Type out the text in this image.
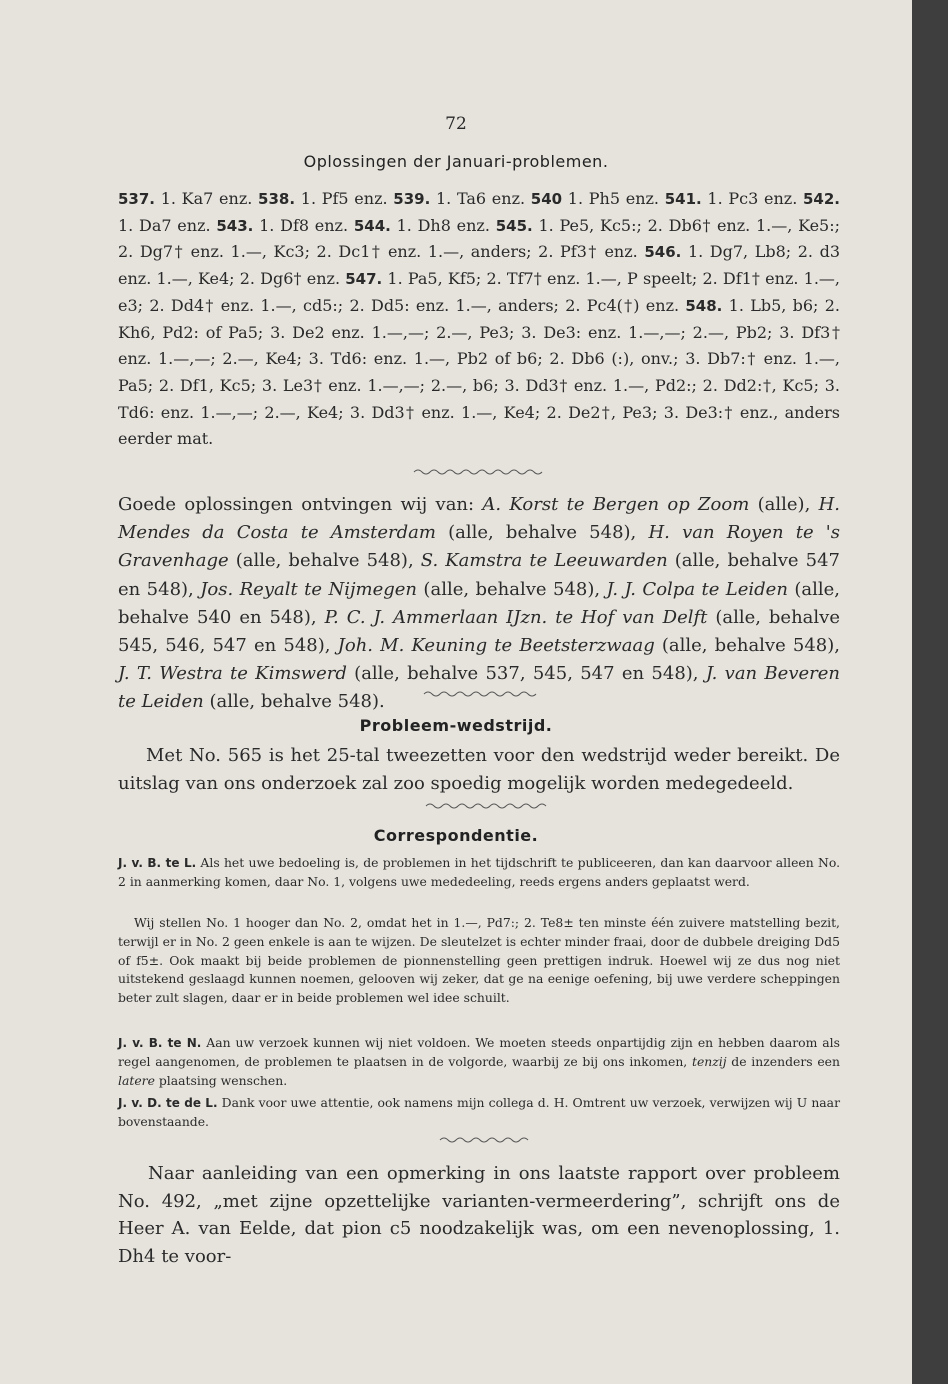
72
Oplossingen der Januari-problemen.

537. 1. Ka7 enz. 538. 1. Pf5 enz. 539. 1. Ta6 enz. 540 1. Ph5 enz. 541. 1. Pc3 enz. 542. 1. Da7 enz. 543. 1. Df8 enz. 544. 1. Dh8 enz. 545. 1. Pe5, Kc5:; 2. Db6† enz. 1.—, Ke5:; 2. Dg7† enz. 1.—, Kc3; 2. Dc1† enz. 1.—, anders; 2. Pf3† enz. 546. 1. Dg7, Lb8; 2. d3 enz. 1.—, Ke4; 2. Dg6† enz. 547. 1. Pa5, Kf5; 2. Tf7† enz. 1.—, P speelt; 2. Df1† enz. 1.—, e3; 2. Dd4† enz. 1.—, cd5:; 2. Dd5: enz. 1.—, anders; 2. Pc4(†) enz. 548. 1. Lb5, b6; 2. Kh6, Pd2: of Pa5; 3. De2 enz. 1.—,—; 2.—, Pe3; 3. De3: enz. 1.—,—; 2.—, Pb2; 3. Df3† enz. 1.—,—; 2.—, Ke4; 3. Td6: enz. 1.—, Pb2 of b6; 2. Db6 (:), onv.; 3. Db7:† enz. 1.—, Pa5; 2. Df1, Kc5; 3. Le3† enz. 1.—,—; 2.—, b6; 3. Dd3† enz. 1.—, Pd2:; 2. Dd2:†, Kc5; 3. Td6: enz. 1.—,—; 2.—, Ke4; 3. Dd3† enz. 1.—, Ke4; 2. De2†, Pe3; 3. De3:† enz., anders eerder mat.

Goede oplossingen ontvingen wij van: A. Korst te Bergen op Zoom (alle), H. Mendes da Costa te Amsterdam (alle, behalve 548), H. van Royen te 's Gravenhage (alle, behalve 548), S. Kamstra te Leeuwarden (alle, behalve 547 en 548), Jos. Reyalt te Nijmegen (alle, behalve 548), J. J. Colpa te Leiden (alle, behalve 540 en 548), P. C. J. Ammerlaan IJzn. te Hof van Delft (alle, behalve 545, 546, 547 en 548), Joh. M. Keuning te Beetsterzwaag (alle, behalve 548), J. T. Westra te Kimswerd (alle, behalve 537, 545, 547 en 548), J. van Beveren te Leiden (alle, behalve 548).

Probleem-wedstrijd.

Met No. 565 is het 25-tal tweezetten voor den wedstrijd weder bereikt. De uitslag van ons onderzoek zal zoo spoedig mogelijk worden medegedeeld.

Correspondentie.

J. v. B. te L. Als het uwe bedoeling is, de problemen in het tijdschrift te publiceeren, dan kan daarvoor alleen No. 2 in aanmerking komen, daar No. 1, volgens uwe mededeeling, reeds ergens anders geplaatst werd.

Wij stellen No. 1 hooger dan No. 2, omdat het in 1.—, Pd7:; 2. Te8± ten minste één zuivere matstelling bezit, terwijl er in No. 2 geen enkele is aan te wijzen. De sleutelzet is echter minder fraai, door de dubbele dreiging Dd5 of f5±. Ook maakt bij beide problemen de pionnenstelling geen prettigen indruk. Hoewel wij ze dus nog niet uitstekend geslaagd kunnen noemen, gelooven wij zeker, dat ge na eenige oefening, bij uwe verdere scheppingen beter zult slagen, daar er in beide problemen wel idee schuilt.

J. v. B. te N. Aan uw verzoek kunnen wij niet voldoen. We moeten steeds onpartijdig zijn en hebben daarom als regel aangenomen, de problemen te plaatsen in de volgorde, waarbij ze bij ons inkomen, tenzij de inzenders een latere plaatsing wenschen.

J. v. D. te de L. Dank voor uwe attentie, ook namens mijn collega d. H. Omtrent uw verzoek, verwijzen wij U naar bovenstaande.

Naar aanleiding van een opmerking in ons laatste rapport over probleem No. 492, „met zijne opzettelijke varianten-vermeerdering”, schrijft ons de Heer A. van Eelde, dat pion c5 noodzakelijk was, om een nevenoplossing, 1. Dh4 te voor-
